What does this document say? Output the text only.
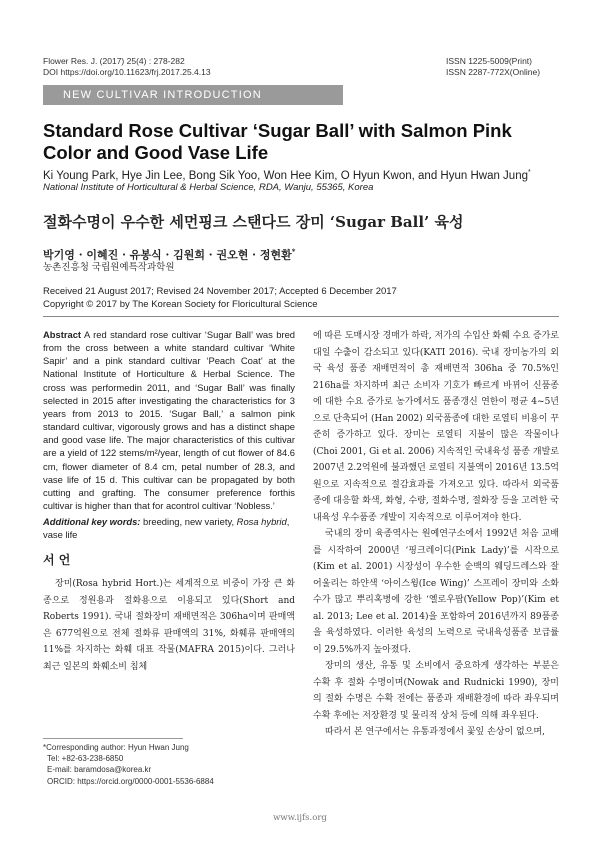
Flower Res. J. (2017) 25(4) : 278-282
DOI https://doi.org/10.11623/frj.2017.25.4.13
ISSN 1225-5009(Print)
ISSN 2287-772X(Online)
NEW CULTIVAR INTRODUCTION
Standard Rose Cultivar ‘Sugar Ball’ with Salmon Pink Color and Good Vase Life
Ki Young Park, Hye Jin Lee, Bong Sik Yoo, Won Hee Kim, O Hyun Kwon, and Hyun Hwan Jung*
National Institute of Horticultural & Herbal Science, RDA, Wanju, 55365, Korea
절화수명이 우수한 세먼핑크 스탠다드 장미 ‘Sugar Ball’ 육성
박기영 · 이혜진 · 유봉식 · 김원희 · 권오현 · 정현환*
농촌진흥청 국립원예특작과학원
Received 21 August 2017; Revised 24 November 2017; Accepted 6 December 2017
Copyright © 2017 by The Korean Society for Floricultural Science
Abstract A red standard rose cultivar ‘Sugar Ball’ was bred from the cross between a white standard cultivar ‘White Sapir’ and a pink standard cultivar ‘Peach Coat’ at the National Institute of Horticulture & Herbal Science. The cross was performedin 2011, and ‘Sugar Ball’ was finally selected in 2015 after investigating the characteristics for 3 years from 2013 to 2015. ‘Sugar Ball,’ a salmon pink standard cultivar, vigorously grows and has a distinct shape and good vase life. The major characteristics of this cultivar are a yield of 122 stems/m²/year, length of cut flower of 84.6 cm, flower diameter of 8.4 cm, petal number of 28.3, and vase life of 15 d. This cultivar can be propagated by both cutting and grafting. The consumer preference forthis cultivar is higher than that for acontrol cultivar ‘Nobless.’
Additional key words: breeding, new variety, Rosa hybrid, vase life
서 언

장미(Rosa hybrid Hort.)는 세계적으로 비중이 가장 큰 화종으로 정원용과 절화용으로 이용되고 있다(Short and Roberts 1991). 국내 절화장미 재배면적은 306ha이며 판매액은 677억원으로 전체 절화류 판매액의 31%, 화훼류 판매액의 11%를 차지하는 화훼 대표 작물(MAFRA 2015)이다. 그러나 최근 일본의 화훼소비 침체

에 따른 도매시장 경매가 하락, 저가의 수입산 화훼 수요 증가로 대일 수출이 감소되고 있다(KATI 2016). 국내 장미농가의 외국 육성 품종 재배면적이 총 재배면적 306ha 중 70.5%인 216ha를 차지하며 최근 소비자 기호가 빠르게 바뀌어 신품종에 대한 수요 증가로 농가에서도 품종갱신 연한이 평균 4~5년으로 단축되어 (Han 2002) 외국품종에 대한 로열티 비용이 꾸준히 증가하고 있다. 장미는 로열티 지불이 많은 작물이나(Choi 2001, Gi et al. 2006) 지속적인 국내육성 품종 개발로 2007년 2.2억원에 불과했던 로열티 지불액이 2016년 13.5억원으로 지속적으로 절감효과를 가져오고 있다. 따라서 외국품종에 대응할 화색, 화형, 수량, 절화수명, 절화장 등을 고려한 국내육성 우수품종 개발이 지속적으로 이루어져야 한다.

국내의 장미 육종역사는 원예연구소에서 1992년 처음 교배를 시작하여 2000년 ‘핑크레이디(Pink Lady)’를 시작으로(Kim et al. 2001) 시장성이 우수한 순백의 웨딩드레스와 잘 어울리는 하얀색 ‘아이스윙(Ice Wing)’ 스프레이 장미와 소화수가 많고 뿌리혹병에 강한 ‘옐로우팝(Yellow Pop)’(Kim et al. 2013; Lee et al. 2014)을 포함하여 2016년까지 89품종을 육성하였다. 이러한 육성의 노력으로 국내육성품종 보급률이 29.5%까지 높아졌다.

장미의 생산, 유통 및 소비에서 중요하게 생각하는 부분은 수확 후 절화 수명이며(Nowak and Rudnicki 1990), 장미의 절화 수명은 수확 전에는 품종과 재배환경에 따라 좌우되며 수확 후에는 저장환경 및 물리적 상처 등에 의해 좌우된다.

따라서 본 연구에서는 유통과정에서 꽃잎 손상이 없으며,

*Corresponding author: Hyun Hwan Jung
Tel: +82-63-238-6850
E-mail: baramdosa@korea.kr
ORCID: https://orcid.org/0000-0001-5536-6884
www.ijfs.org
